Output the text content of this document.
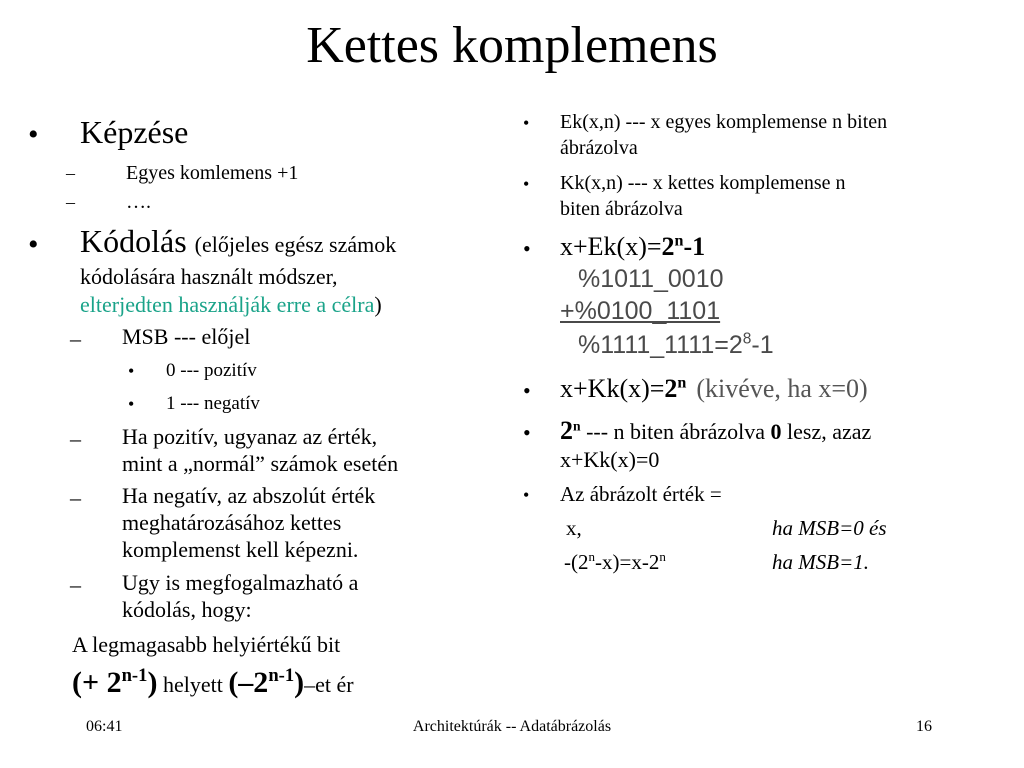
Kettes komplemens
• Képzése
–	Egyes komlemens +1
–	….
• Kódolás (előjeles egész számok
kódolására használt módszer,
elterjedten használják erre a célra)
– MSB --- előjel
• 0 --- pozitív
• 1 --- negatív
– Ha pozitív, ugyanaz az érték,
mint a „normál” számok esetén
– Ha negatív, az abszolút érték
meghatározásához kettes
komplemenst kell képezni.
– Ugy is megfogalmazható a
kódolás, hogy:
A legmagasabb helyiértékű bit
(+ $2^{n-1}$) helyett (–2$^{n-1}$)–et ér
• Ek(x,n) --- x egyes komplemense n biten
ábrázolva
• Kk(x,n) --- x kettes komplemense n
biten ábrázolva
• $x+Ek(x)=2^n-1$
%1011_0010
+%0100_1101
$\%1111\_1111=2^8-1$
• $x+Kk(x)=2^n$ (kivéve, ha x=0)
• 2$^n$ --- n biten ábrázolva 0 lesz, azaz
x+Kk(x)=0
• Az ábrázolt érték =
x,	ha MSB=0 és
$-(2^n-x)=x-2^n$	ha MSB=1.
06:41	Architektúrák -- Adatábrázolás	16
